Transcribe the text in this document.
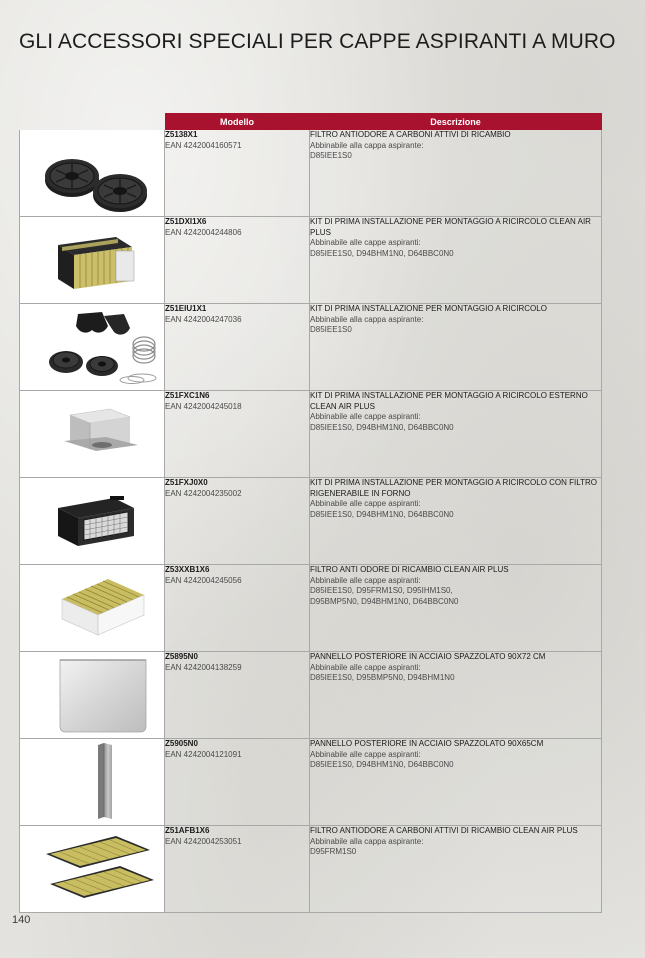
GLI ACCESSORI SPECIALI PER CAPPE ASPIRANTI A MURO
	Modello	Descrizione

Z5138X1
EAN 4242004160571	FILTRO ANTIODORE A CARBONI ATTIVI DI RICAMBIO
Abbinabile alla cappa aspirante:
D85IEE1S0

Z51DXI1X6
EAN 4242004244806	KIT DI PRIMA INSTALLAZIONE PER MONTAGGIO A RICIRCOLO CLEAN AIR PLUS
Abbinabile alle cappe aspiranti:
D85IEE1S0, D94BHM1N0, D64BBC0N0

Z51EIU1X1
EAN 4242004247036	KIT DI PRIMA INSTALLAZIONE PER MONTAGGIO A RICIRCOLO
Abbinabile alla cappa aspirante:
D85IEE1S0

Z51FXC1N6
EAN 4242004245018	KIT DI PRIMA INSTALLAZIONE PER MONTAGGIO A RICIRCOLO ESTERNO CLEAN AIR PLUS
Abbinabile alle cappe aspiranti:
D85IEE1S0, D94BHM1N0, D64BBC0N0

Z51FXJ0X0
EAN 4242004235002	KIT DI PRIMA INSTALLAZIONE PER MONTAGGIO A RICIRCOLO CON FILTRO RIGENERABILE IN FORNO
Abbinabile alle cappe aspiranti:
D85IEE1S0, D94BHM1N0, D64BBC0N0

Z53XXB1X6
EAN 4242004245056	FILTRO ANTI ODORE DI RICAMBIO CLEAN AIR PLUS
Abbinabile alle cappe aspiranti:
D85IEE1S0, D95FRM1S0, D95IHM1S0,
D95BMP5N0, D94BHM1N0, D64BBC0N0

Z5895N0
EAN 4242004138259	PANNELLO POSTERIORE IN ACCIAIO SPAZZOLATO 90X72 CM
Abbinabile alle cappe aspiranti:
D85IEE1S0, D95BMP5N0, D94BHM1N0

Z5905N0
EAN 4242004121091	PANNELLO POSTERIORE IN ACCIAIO SPAZZOLATO 90X65CM
Abbinabile alle cappe aspiranti:
D85IEE1S0, D94BHM1N0, D64BBC0N0

Z51AFB1X6
EAN 4242004253051	FILTRO ANTIODORE A CARBONI ATTIVI DI RICAMBIO CLEAN AIR PLUS
Abbinabile alla cappa aspirante:
D95FRM1S0
140
